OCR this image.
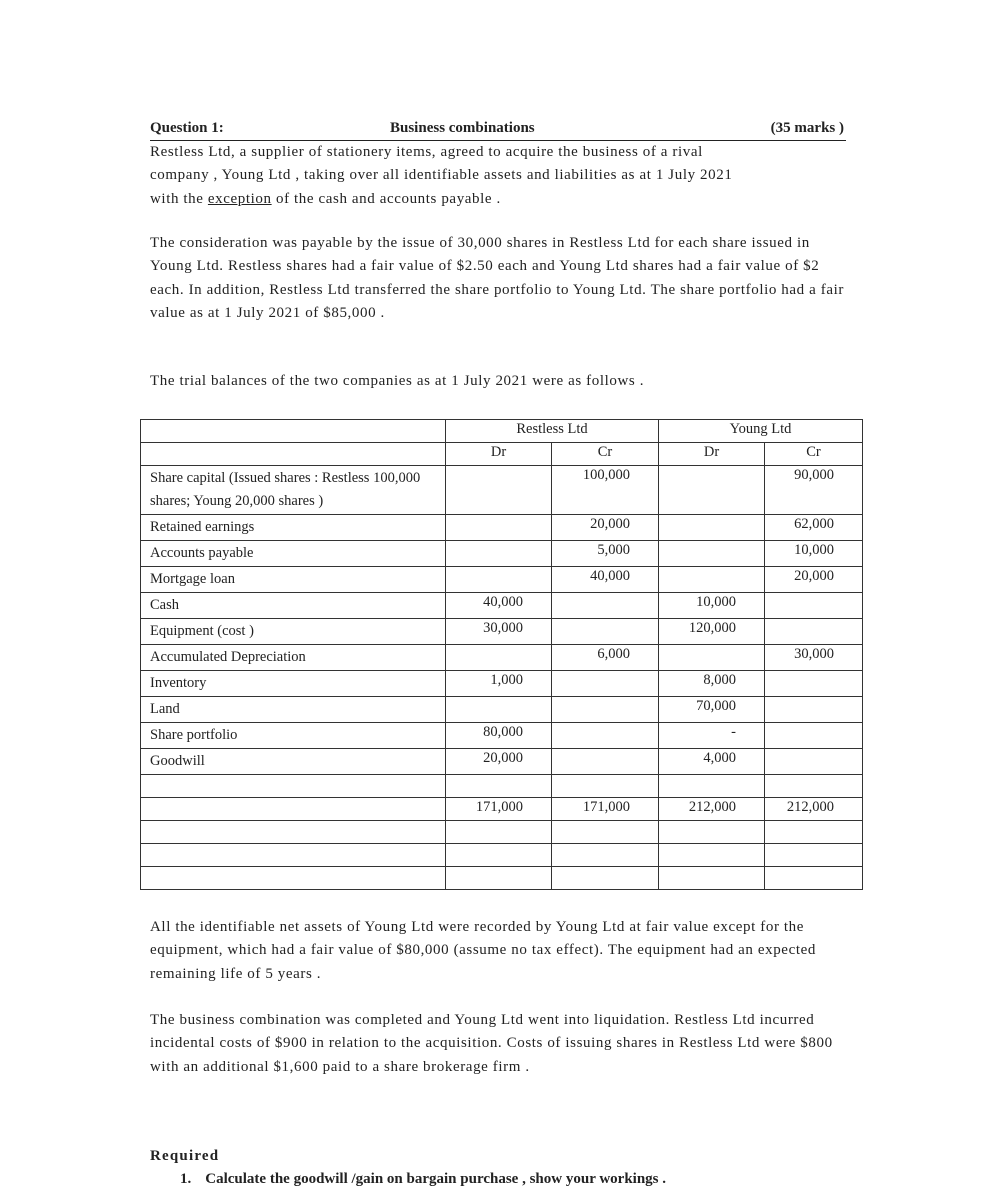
Question 1:	Business combinations	(35 marks )
Restless Ltd, a supplier of stationery items, agreed to acquire the business of a rival
company , Young Ltd , taking over all identifiable assets and liabilities as at 1 July 2021
with the exception of the cash and accounts payable .
The consideration was payable by the issue of 30,000 shares in Restless Ltd for each share issued in Young Ltd. Restless shares had a fair value of $2.50 each and Young Ltd shares had a fair value of $2 each. In addition, Restless Ltd transferred the share portfolio to Young Ltd. The share portfolio had a fair value as at 1 July 2021 of $85,000 .
The trial balances of the two companies as at 1 July 2021 were as follows .
	Restless Ltd		Young Ltd	
	Dr	Cr	Dr	Cr
Share capital (Issued shares : Restless 100,000 shares; Young 20,000 shares )		100,000		90,000
Retained earnings		20,000		62,000
Accounts payable		5,000		10,000
Mortgage loan		40,000		20,000
Cash	40,000		10,000	
Equipment (cost )	30,000		120,000	
Accumulated Depreciation		6,000		30,000
Inventory	1,000		8,000	
Land			70,000	
Share portfolio	80,000		-	
Goodwill	20,000		4,000	

	171,000	171,000	212,000	212,000

All the identifiable net assets of Young Ltd were recorded by Young Ltd at fair value except for the equipment, which had a fair value of $80,000 (assume no tax effect). The equipment had an expected remaining life of 5 years .
The business combination was completed and Young Ltd went into liquidation. Restless Ltd incurred incidental costs of $900 in relation to the acquisition. Costs of issuing shares in Restless Ltd were $800 with an additional $1,600 paid to a share brokerage firm .
Required
1. Calculate the goodwill /gain on bargain purchase , show your workings .
